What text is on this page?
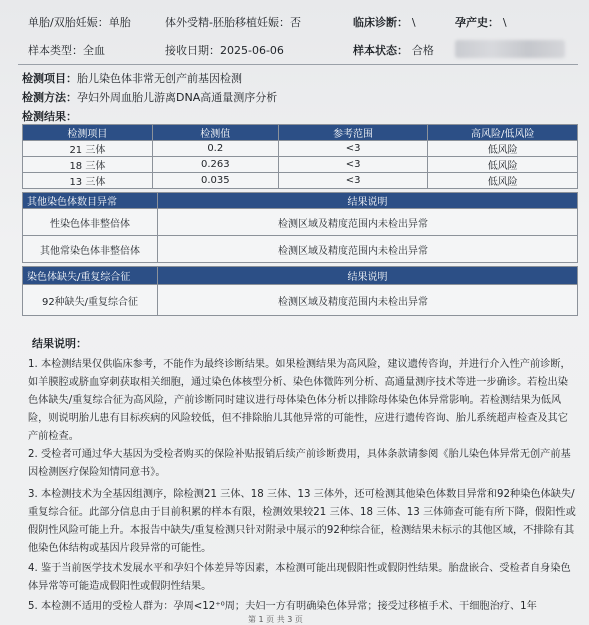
单胎/双胎妊娠：单胎	体外受精-胚胎移植妊娠：否	临床诊断： \	孕产史： \
样本类型：全血	接收日期：2025-06-06	样本状态： 合格
检测项目：胎儿染色体非常无创产前基因检测
检测方法：孕妇外周血胎儿游离DNA高通量测序分析
检测结果：
检测项目	检测值	参考范围	高风险/低风险
21 三体	0.2	<3	低风险
18 三体	0.263	<3	低风险
13 三体	0.035	<3	低风险
其他染色体数目异常	结果说明
性染色体非整倍体	检测区域及精度范围内未检出异常
其他常染色体非整倍体	检测区域及精度范围内未检出异常
染色体缺失/重复综合征	结果说明
92种缺失/重复综合征	检测区域及精度范围内未检出异常
结果说明：
1. 本检测结果仅供临床参考，不能作为最终诊断结果。如果检测结果为高风险，建议遗传咨询，并进行介入性产前诊断，如羊膜腔或脐血穿刺获取相关细胞，通过染色体核型分析、染色体微阵列分析、高通量测序技术等进一步确诊。若检出染色体缺失/重复综合征为高风险，产前诊断同时建议进行母体染色体分析以排除母体染色体异常影响。若检测结果为低风险，则说明胎儿患有目标疾病的风险较低，但不排除胎儿其他异常的可能性，应进行遗传咨询、胎儿系统超声检查及其它产前检查。
2. 受检者可通过华大基因为受检者购买的保险补贴报销后续产前诊断费用，具体条款请参阅《胎儿染色体异常无创产前基因检测医疗保险知情同意书》。
3. 本检测技术为全基因组测序，除检测21 三体、18 三体、13 三体外，还可检测其他染色体数目异常和92种染色体缺失/重复综合征。此部分信息由于目前积累的样本有限，检测效果较21 三体、18 三体、13 三体筛查可能有所下降，假阳性或假阴性风险可能上升。本报告中缺失/重复检测只针对附录中展示的92种综合征，检测结果未标示的其他区域，不排除有其他染色体结构或基因片段异常的可能性。
4. 鉴于当前医学技术发展水平和孕妇个体差异等因素，本检测可能出现假阳性或假阴性结果。胎盘嵌合、受检者自身染色体异常等可能造成假阳性或假阴性结果。
5. 本检测不适用的受检人群为：孕周<12⁺⁰周；夫妇一方有明确染色体异常；接受过移植手术、干细胞治疗、1年
第 1 页 共 3 页
